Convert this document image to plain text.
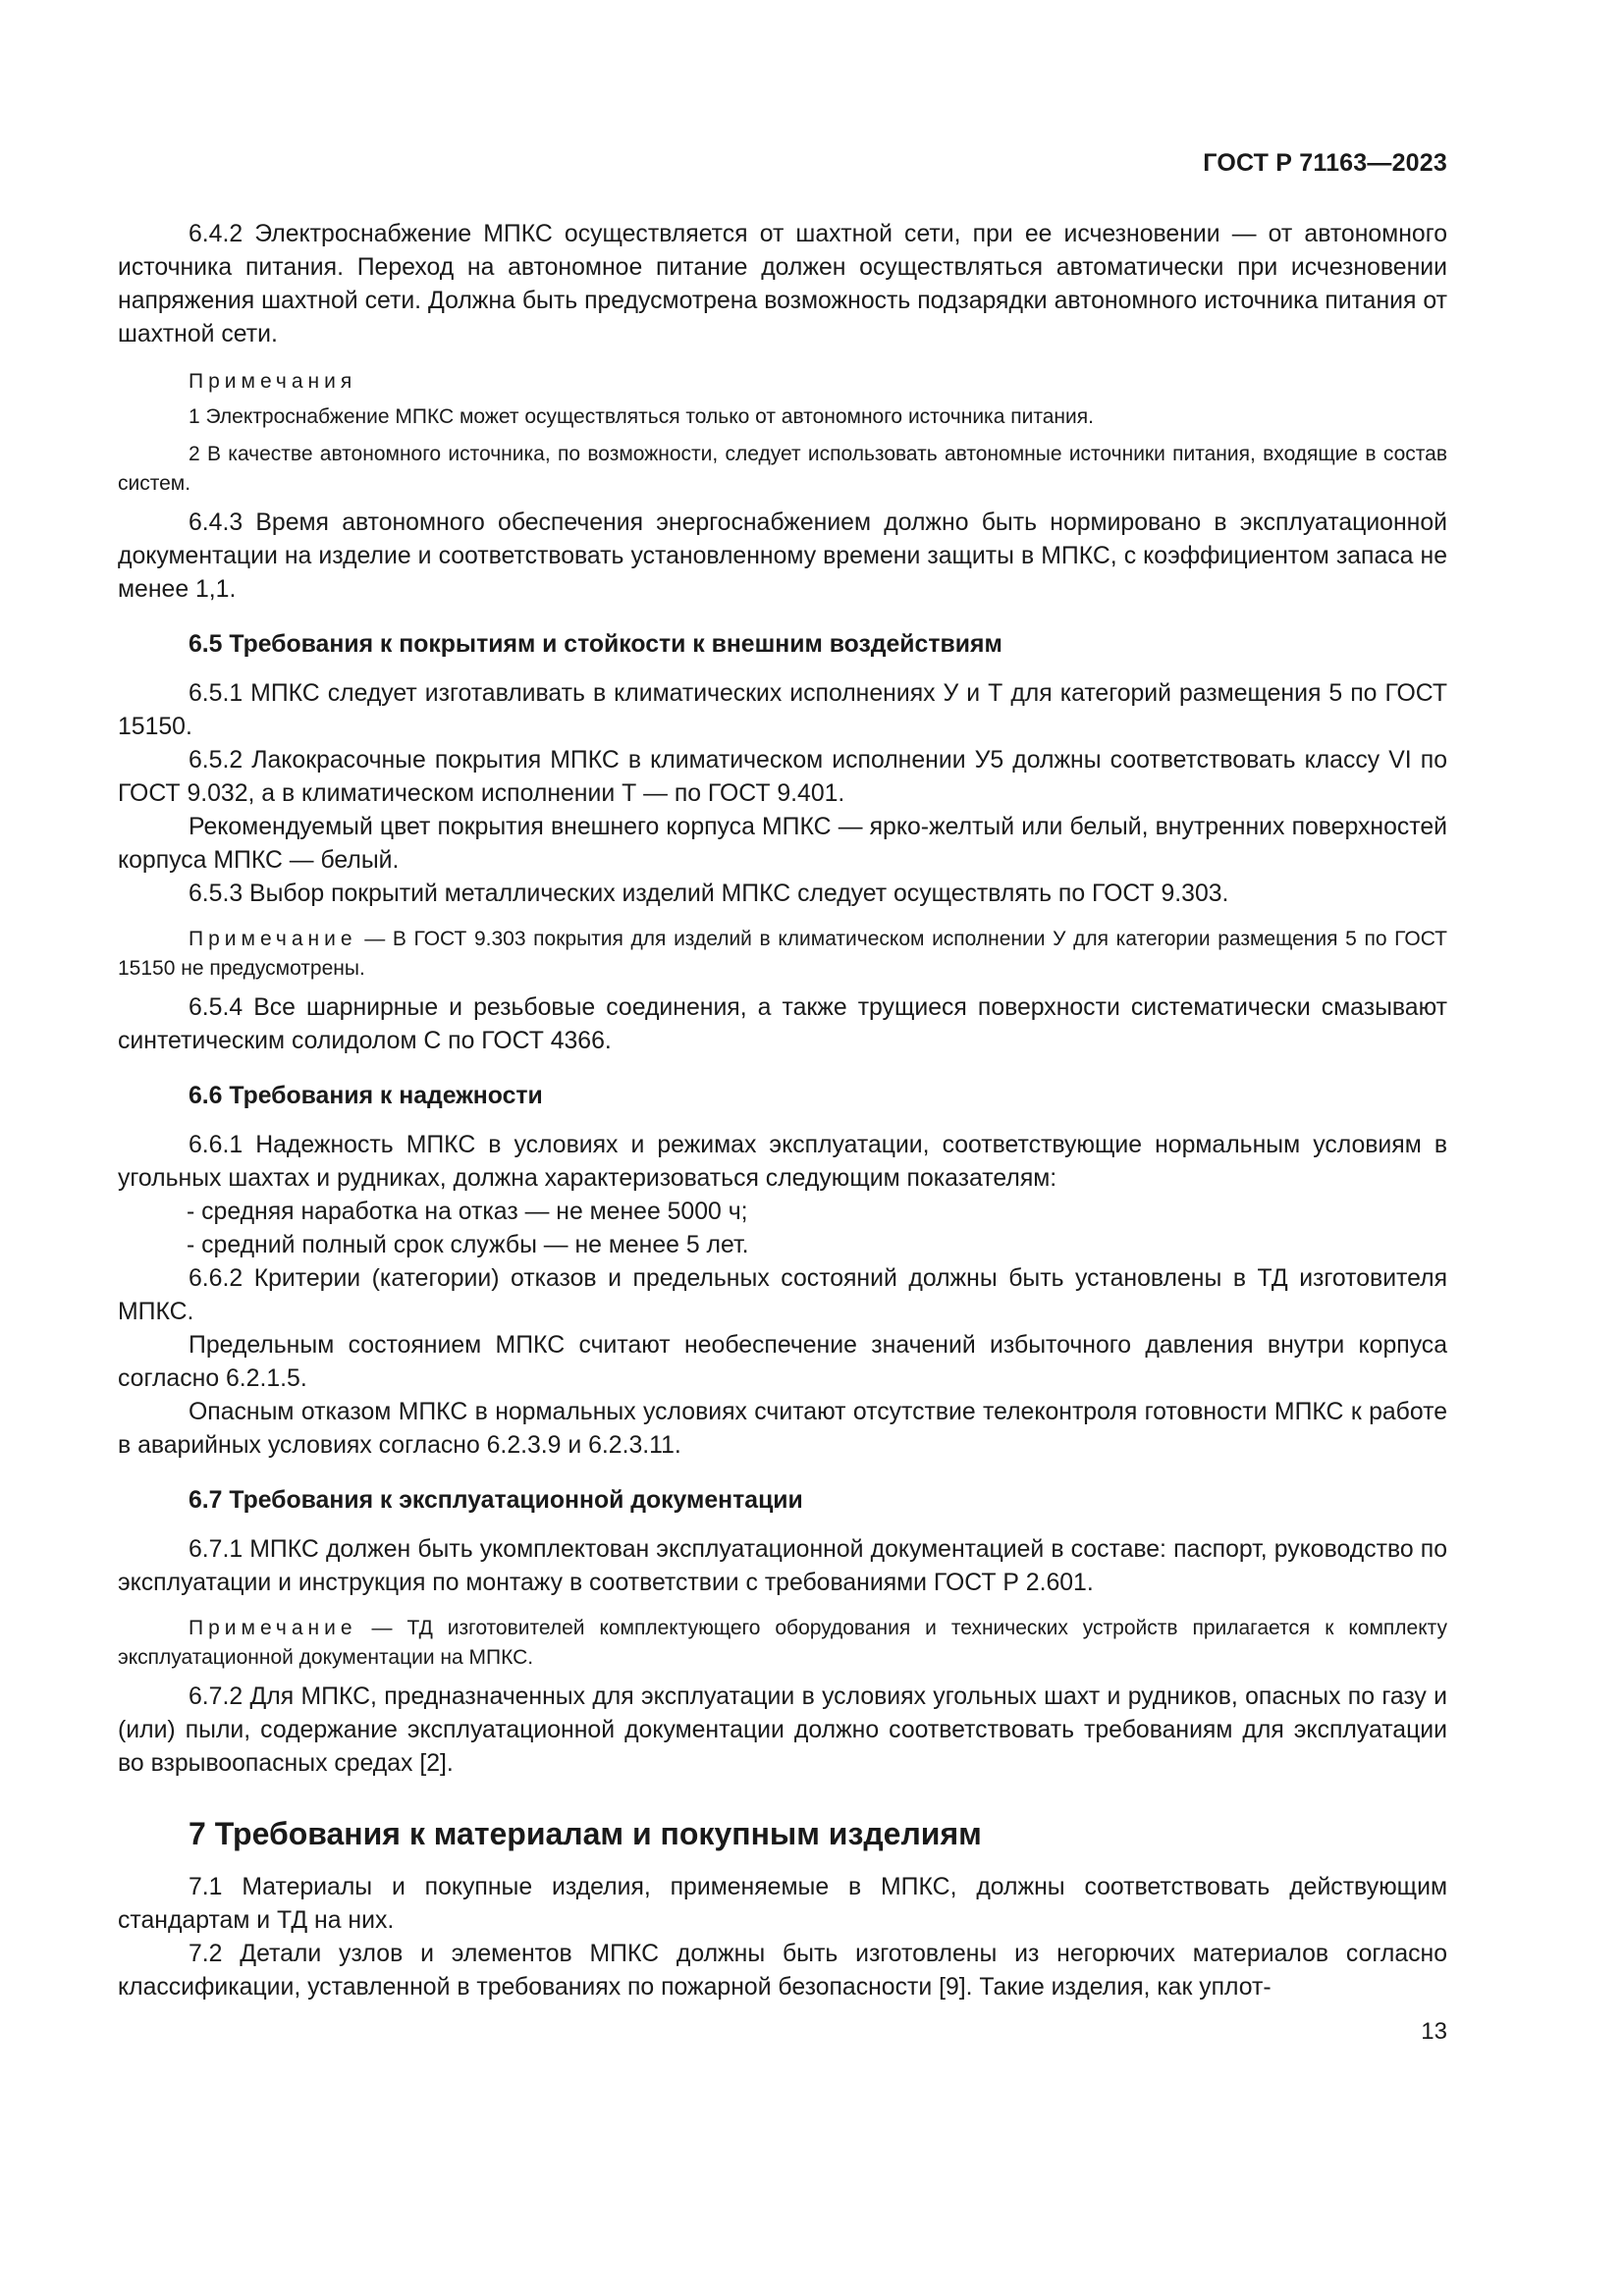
ГОСТ Р 71163—2023

6.4.2 Электроснабжение МПКС осуществляется от шахтной сети, при ее исчезновении — от автономного источника питания. Переход на автономное питание должен осуществляться автоматически при исчезновении напряжения шахтной сети. Должна быть предусмотрена возможность подзарядки автономного источника питания от шахтной сети.

Примечания

1 Электроснабжение МПКС может осуществляться только от автономного источника питания.

2 В качестве автономного источника, по возможности, следует использовать автономные источники питания, входящие в состав систем.

6.4.3 Время автономного обеспечения энергоснабжением должно быть нормировано в эксплуатационной документации на изделие и соответствовать установленному времени защиты в МПКС, с коэффициентом запаса не менее 1,1.

6.5 Требования к покрытиям и стойкости к внешним воздействиям

6.5.1 МПКС следует изготавливать в климатических исполнениях У и Т для категорий размещения 5 по ГОСТ 15150.

6.5.2 Лакокрасочные покрытия МПКС в климатическом исполнении У5 должны соответствовать классу VI по ГОСТ 9.032, а в климатическом исполнении Т — по ГОСТ 9.401.

Рекомендуемый цвет покрытия внешнего корпуса МПКС — ярко-желтый или белый, внутренних поверхностей корпуса МПКС — белый.

6.5.3 Выбор покрытий металлических изделий МПКС следует осуществлять по ГОСТ 9.303.

Примечание — В ГОСТ 9.303 покрытия для изделий в климатическом исполнении У для категории размещения 5 по ГОСТ 15150 не предусмотрены.

6.5.4 Все шарнирные и резьбовые соединения, а также трущиеся поверхности систематически смазывают синтетическим солидолом С по ГОСТ 4366.

6.6 Требования к надежности

6.6.1 Надежность МПКС в условиях и режимах эксплуатации, соответствующие нормальным условиям в угольных шахтах и рудниках, должна характеризоваться следующим показателям:

- средняя наработка на отказ — не менее 5000 ч;

- средний полный срок службы — не менее 5 лет.

6.6.2 Критерии (категории) отказов и предельных состояний должны быть установлены в ТД изготовителя МПКС.

Предельным состоянием МПКС считают необеспечение значений избыточного давления внутри корпуса согласно 6.2.1.5.

Опасным отказом МПКС в нормальных условиях считают отсутствие телеконтроля готовности МПКС к работе в аварийных условиях согласно 6.2.3.9 и 6.2.3.11.

6.7 Требования к эксплуатационной документации

6.7.1 МПКС должен быть укомплектован эксплуатационной документацией в составе: паспорт, руководство по эксплуатации и инструкция по монтажу в соответствии с требованиями ГОСТ Р 2.601.

Примечание — ТД изготовителей комплектующего оборудования и технических устройств прилагается к комплекту эксплуатационной документации на МПКС.

6.7.2 Для МПКС, предназначенных для эксплуатации в условиях угольных шахт и рудников, опасных по газу и (или) пыли, содержание эксплуатационной документации должно соответствовать требованиям для эксплуатации во взрывоопасных средах [2].

7 Требования к материалам и покупным изделиям

7.1 Материалы и покупные изделия, применяемые в МПКС, должны соответствовать действующим стандартам и ТД на них.

7.2 Детали узлов и элементов МПКС должны быть изготовлены из негорючих материалов согласно классификации, уставленной в требованиях по пожарной безопасности [9]. Такие изделия, как уплот-

13
